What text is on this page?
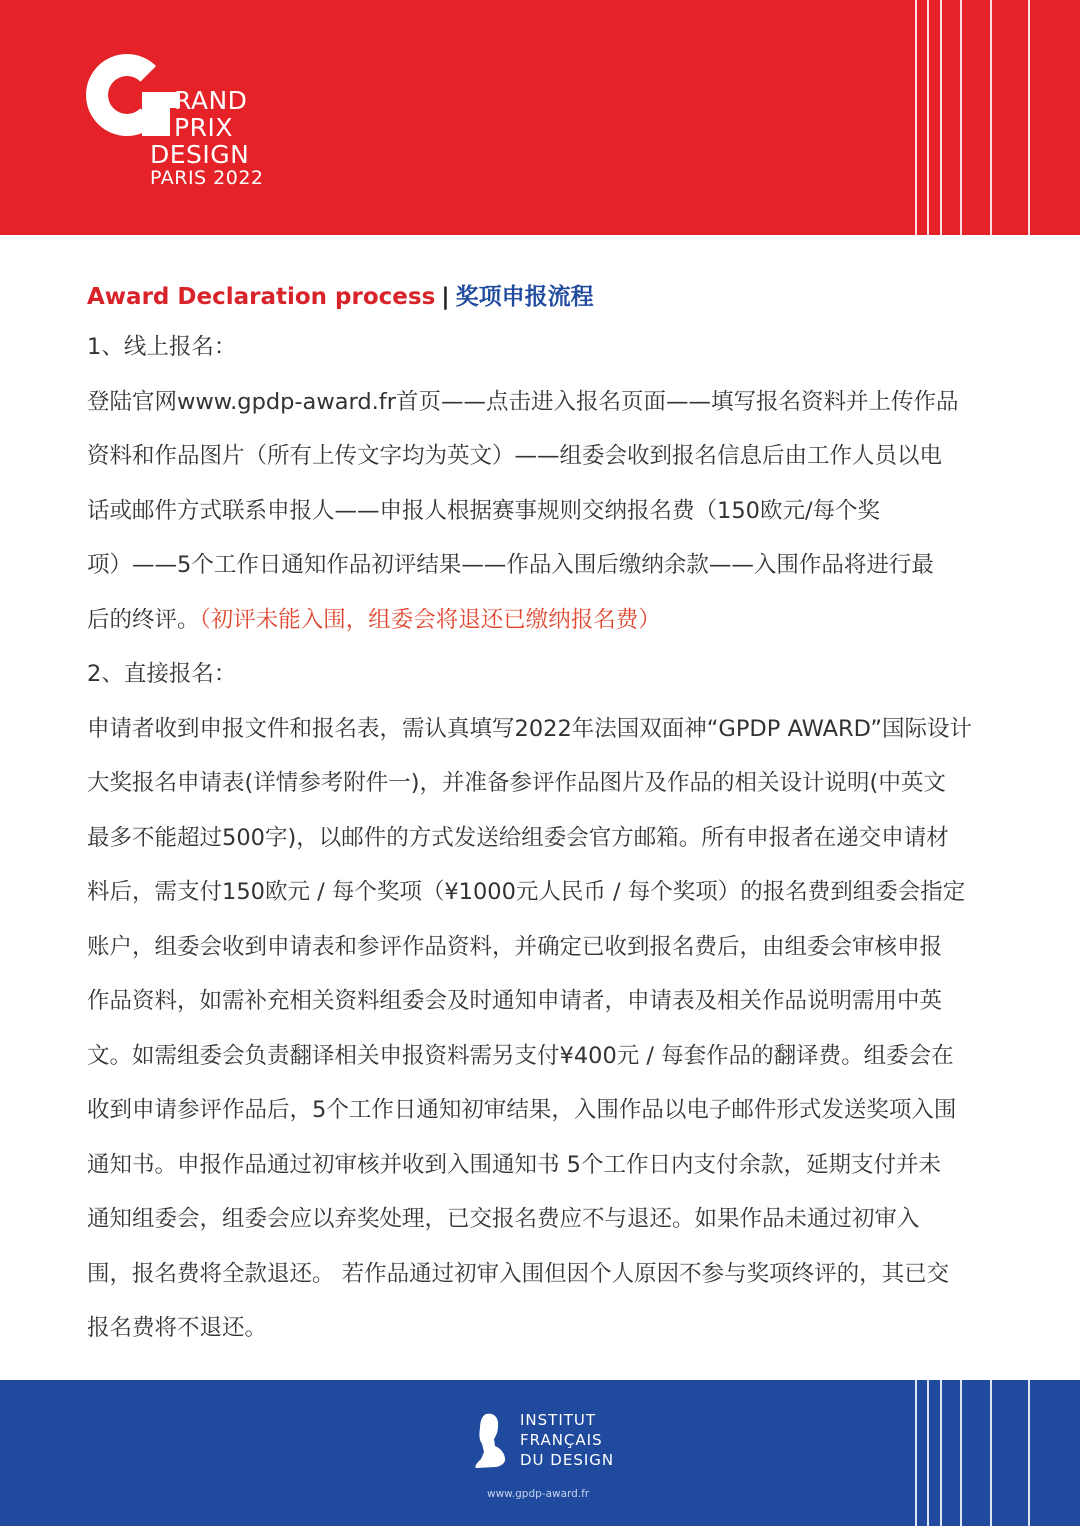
RAND
PRIX
DESIGN
PARIS 2022
Award Declaration process | 奖项申报流程
1、线上报名：
登陆官网www.gpdp-award.fr首页——点击进入报名页面——填写报名资料并上传作品
资料和作品图片（所有上传文字均为英文）——组委会收到报名信息后由工作人员以电
话或邮件方式联系申报人——申报人根据赛事规则交纳报名费（150欧元/每个奖
项）——5个工作日通知作品初评结果——作品入围后缴纳余款——入围作品将进行最
后的终评。（初评未能入围，组委会将退还已缴纳报名费）
2、直接报名：
申请者收到申报文件和报名表，需认真填写2022年法国双面神“GPDP AWARD”国际设计
大奖报名申请表(详情参考附件一)，并准备参评作品图片及作品的相关设计说明(中英文
最多不能超过500字)，以邮件的方式发送给组委会官方邮箱。所有申报者在递交申请材
料后，需支付150欧元 / 每个奖项（¥1000元人民币 / 每个奖项）的报名费到组委会指定
账户，组委会收到申请表和参评作品资料，并确定已收到报名费后，由组委会审核申报
作品资料，如需补充相关资料组委会及时通知申请者，申请表及相关作品说明需用中英
文。如需组委会负责翻译相关申报资料需另支付¥400元 / 每套作品的翻译费。组委会在
收到申请参评作品后，5个工作日通知初审结果，入围作品以电子邮件形式发送奖项入围
通知书。申报作品通过初审核并收到入围通知书 5个工作日内支付余款，延期支付并未
通知组委会，组委会应以弃奖处理，已交报名费应不与退还。如果作品未通过初审入
围，报名费将全款退还。 若作品通过初审入围但因个人原因不参与奖项终评的，其已交
报名费将不退还。
INSTITUT
FRANÇAIS
DU DESIGN
www.gpdp-award.fr
